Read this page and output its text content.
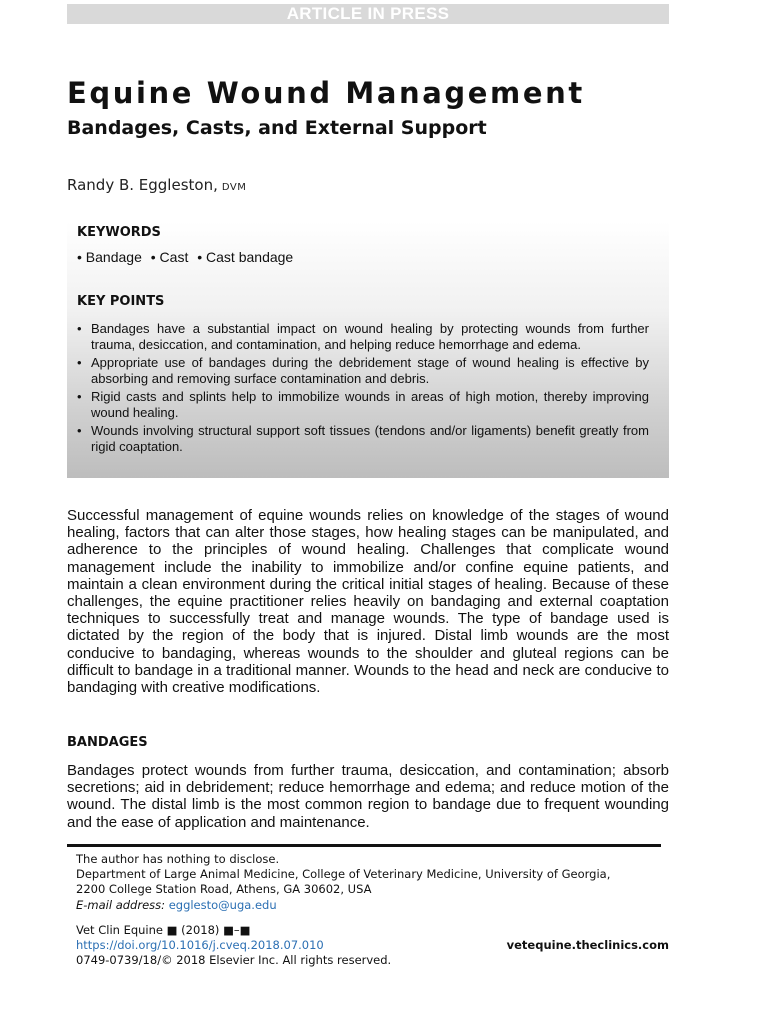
ARTICLE IN PRESS
Equine Wound Management
Bandages, Casts, and External Support
Randy B. Eggleston, DVM
KEYWORDS
• Bandage • Cast • Cast bandage
KEY POINTS
• Bandages have a substantial impact on wound healing by protecting wounds from further trauma, desiccation, and contamination, and helping reduce hemorrhage and edema.
• Appropriate use of bandages during the debridement stage of wound healing is effective by absorbing and removing surface contamination and debris.
• Rigid casts and splints help to immobilize wounds in areas of high motion, thereby improving wound healing.
• Wounds involving structural support soft tissues (tendons and/or ligaments) benefit greatly from rigid coaptation.

Successful management of equine wounds relies on knowledge of the stages of wound healing, factors that can alter those stages, how healing stages can be manipulated, and adherence to the principles of wound healing. Challenges that complicate wound management include the inability to immobilize and/or confine equine patients, and maintain a clean environment during the critical initial stages of healing. Because of these challenges, the equine practitioner relies heavily on bandaging and external coaptation techniques to successfully treat and manage wounds. The type of bandage used is dictated by the region of the body that is injured. Distal limb wounds are the most conducive to bandaging, whereas wounds to the shoulder and gluteal regions can be difficult to bandage in a traditional manner. Wounds to the head and neck are conducive to bandaging with creative modifications.

BANDAGES

Bandages protect wounds from further trauma, desiccation, and contamination; absorb secretions; aid in debridement; reduce hemorrhage and edema; and reduce motion of the wound. The distal limb is the most common region to bandage due to frequent wounding and the ease of application and maintenance.

The author has nothing to disclose.
Department of Large Animal Medicine, College of Veterinary Medicine, University of Georgia,
2200 College Station Road, Athens, GA 30602, USA
E-mail address: egglesto@uga.edu
Vet Clin Equine ■ (2018) ■–■
https://doi.org/10.1016/j.cveq.2018.07.010
0749-0739/18/© 2018 Elsevier Inc. All rights reserved.
vetequine.theclinics.com
